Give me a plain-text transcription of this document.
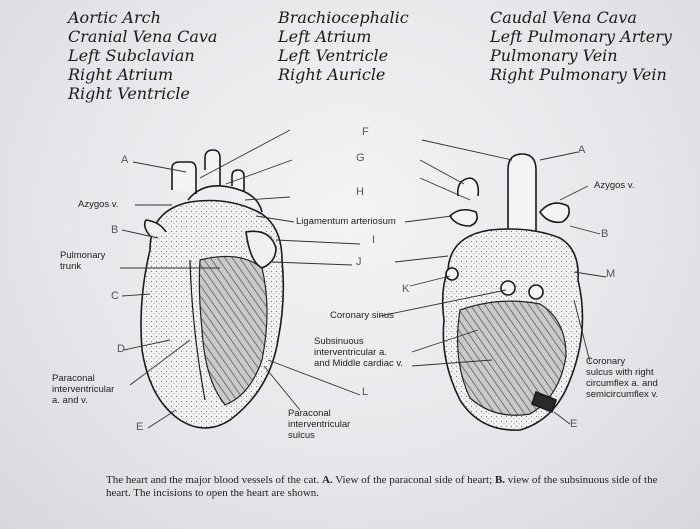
Aortic Arch
Cranial Vena Cava
Left Subclavian
Right Atrium
Right Ventricle
Brachiocephalic
Left Atrium
Left Ventricle
Right Auricle
Caudal Vena Cava
Left Pulmonary Artery
Pulmonary Vein
Right Pulmonary Vein
A
B
C
D
E
F
G
H
I
J
K
L
A
B
M
E
Azygos v.
Pulmonary
trunk
Paraconal
interventricular
a. and v.
Ligamentum arteriosum
Coronary sinus
Subsinuous
interventricular a.
and Middle cardiac v.
Paraconal
interventricular
sulcus
Azygos v.
Coronary
sulcus with right
circumflex a. and
semicircumflex v.
The heart and the major blood vessels of the cat. A. View of the paraconal side of heart; B. view of the subsinuous side of the heart. The incisions to open the heart are shown.
